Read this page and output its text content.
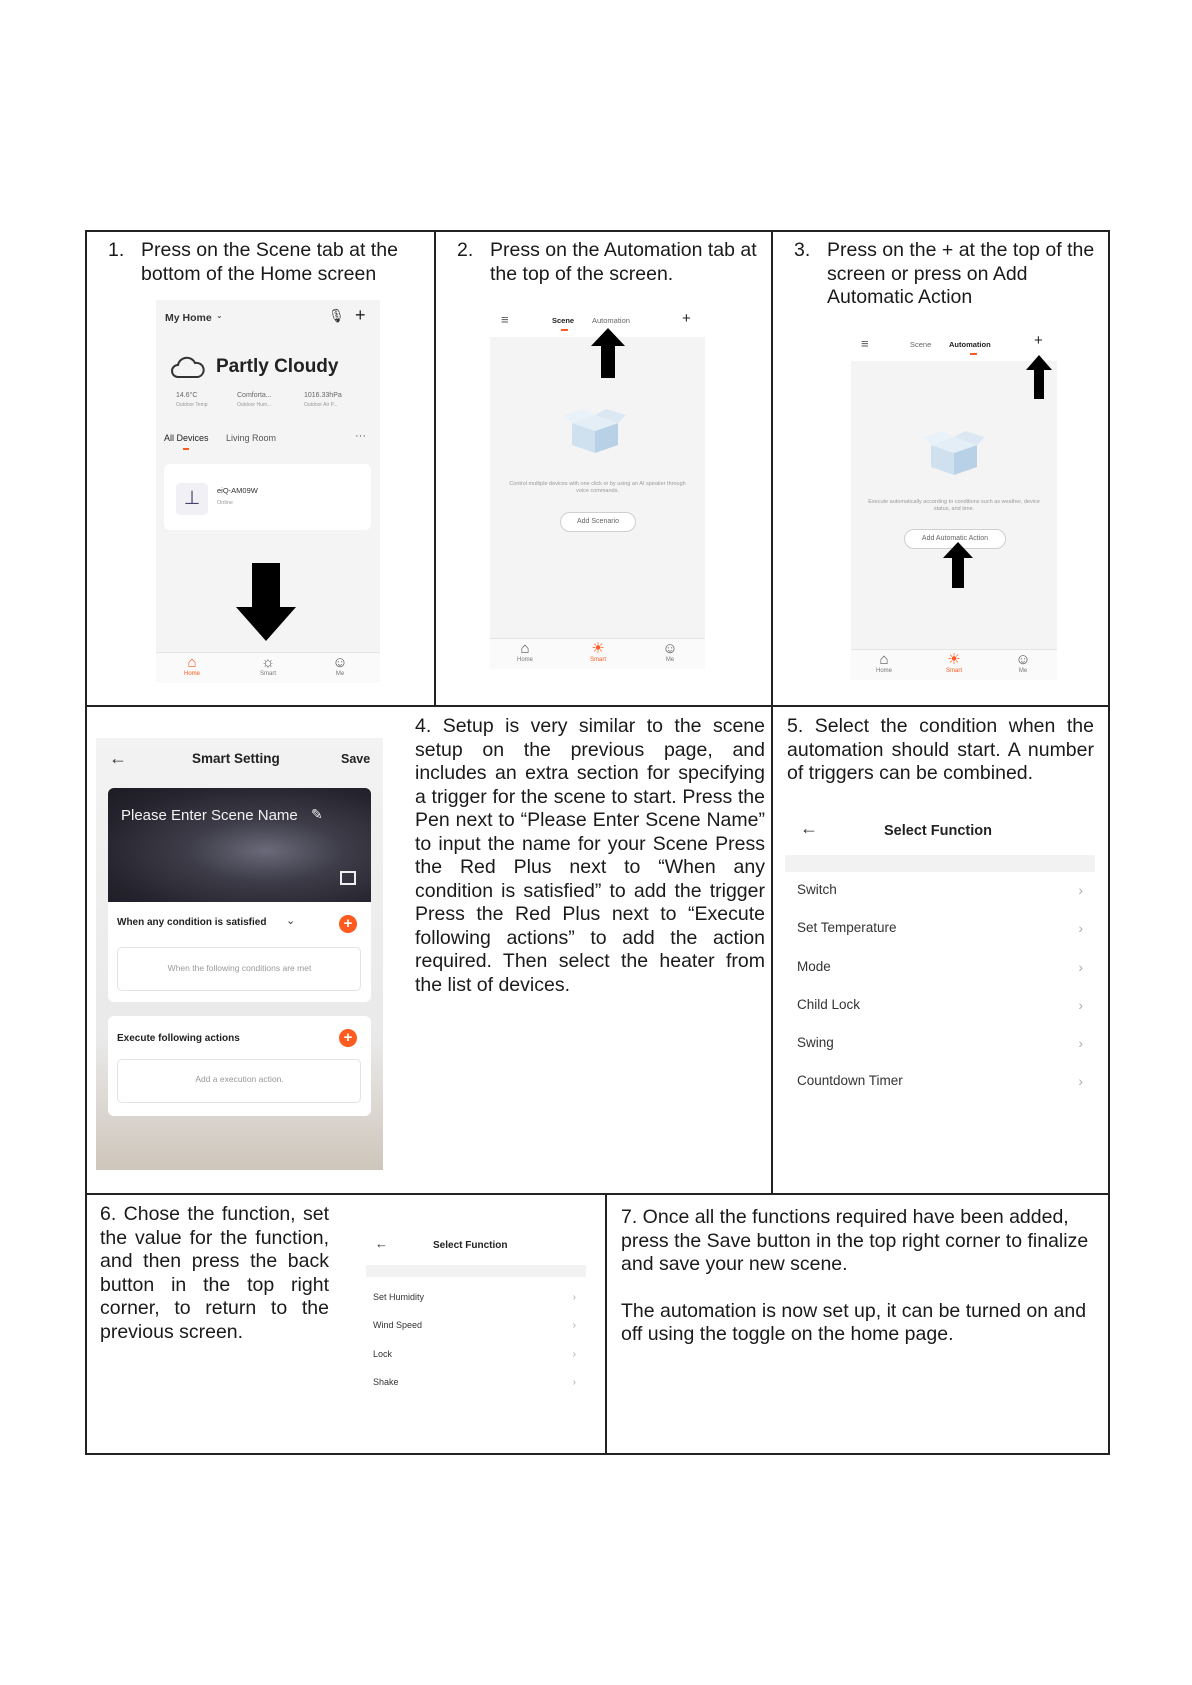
1. Press on the Scene tab at the bottom of the Home screen
My Home ⌄	🎙 +
Partly Cloudy
14.6°C
Outdoor Temp
Comforta...
Outdoor Hum...
1016.33hPa
Outdoor Air P...
All Devices Living Room	···
⊥	eiQ-AM09W
Online
⌂
Home
☼
Smart
☺
Me
2. Press on the Automation tab at the top of the screen.
≡	Scene Automation	+
Control multiple devices with one click or by using an AI speaker through voice commands.
Add Scenario
⌂
Home
☀
Smart
☺
Me
3. Press on the + at the top of the screen or press on Add Automatic Action
≡	Scene Automation	+
Execute automatically according to conditions such as weather, device status, and time.
Add Automatic Action
⌂
Home
☀
Smart
☺
Me
←	Smart Setting	Save
Please Enter Scene Name ✎
When any condition is satisfied ⌄	+
When the following conditions are met
Execute following actions	+
Add a execution action.
4. Setup is very similar to the scene setup on the previous page, and includes an extra section for specifying a trigger for the scene to start. Press the Pen next to “Please Enter Scene Name” to input the name for your Scene Press the Red Plus next to “When any condition is satisfied” to add the trigger Press the Red Plus next to “Execute following actions” to add the action required. Then select the heater from the list of devices.
5. Select the condition when the automation should start. A number of triggers can be combined.
←	Select Function
Switch	›
Set Temperature	›
Mode	›
Child Lock	›
Swing	›
Countdown Timer	›
6. Chose the function, set the value for the function, and then press the back button in the top right corner, to return to the previous screen.
←	Select Function
Set Humidity	›
Wind Speed	›
Lock	›
Shake	›
7. Once all the functions required have been added, press the Save button in the top right corner to finalize and save your new scene.
The automation is now set up, it can be turned on and off using the toggle on the home page.
